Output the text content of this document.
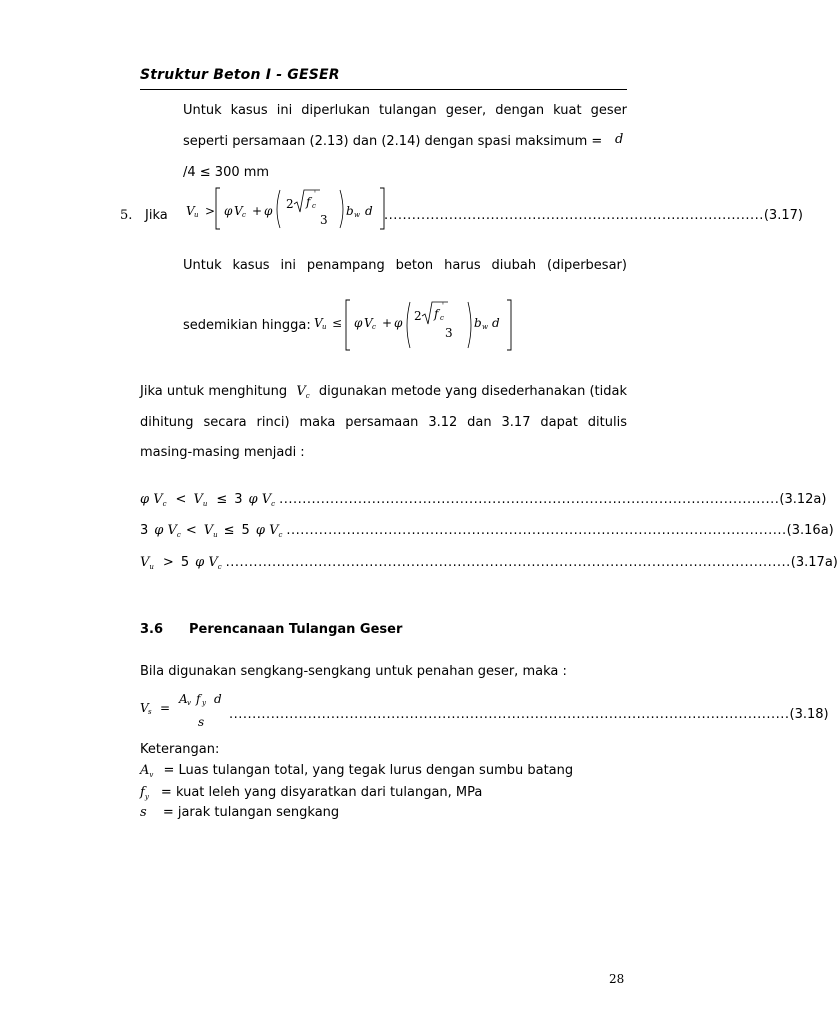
Struktur Beton I - GESER
Untuk kasus ini diperlukan tulangan geser, dengan kuat geser
seperti persamaan (2.13) dan (2.14) dengan spasi maksimum = d
/4 ≤ 300 mm
5. Jika V u > φ V c + φ 2 f c
'
3
b w d .................................................................................. (3.17)
Untuk kasus ini penampang beton harus diubah (diperbesar)
sedemikian hingga: V u ≤ φ V c + φ 2 f c
'
3
b w d
Jika untuk menghitung $V_c$ digunakan metode yang disederhanakan (tidak
dihitung secara rinci) maka persamaan 3.12 dan 3.17 dapat ditulis
masing-masing menjadi :
φ $V_c < V_u \le 3$ φ $V_c$ ............................................................................................................ (3.12a)
3 φ $V_c < V_u \le 5$ φ $V_c$ ............................................................................................................ (3.16a)
$V_u > 5$ φ $V_c$ .......................................................................................................................... (3.17a)
3.6 Perencanaan Tulangan Geser
Bila digunakan sengkang-sengkang untuk penahan geser, maka :
V s =
A v f y d
s ......................................................................................................................... (3.18)
Keterangan:
$A_v$ = Luas tulangan total, yang tegak lurus dengan sumbu batang
$f_y$ = kuat leleh yang disyaratkan dari tulangan, MPa
s = jarak tulangan sengkang
28
